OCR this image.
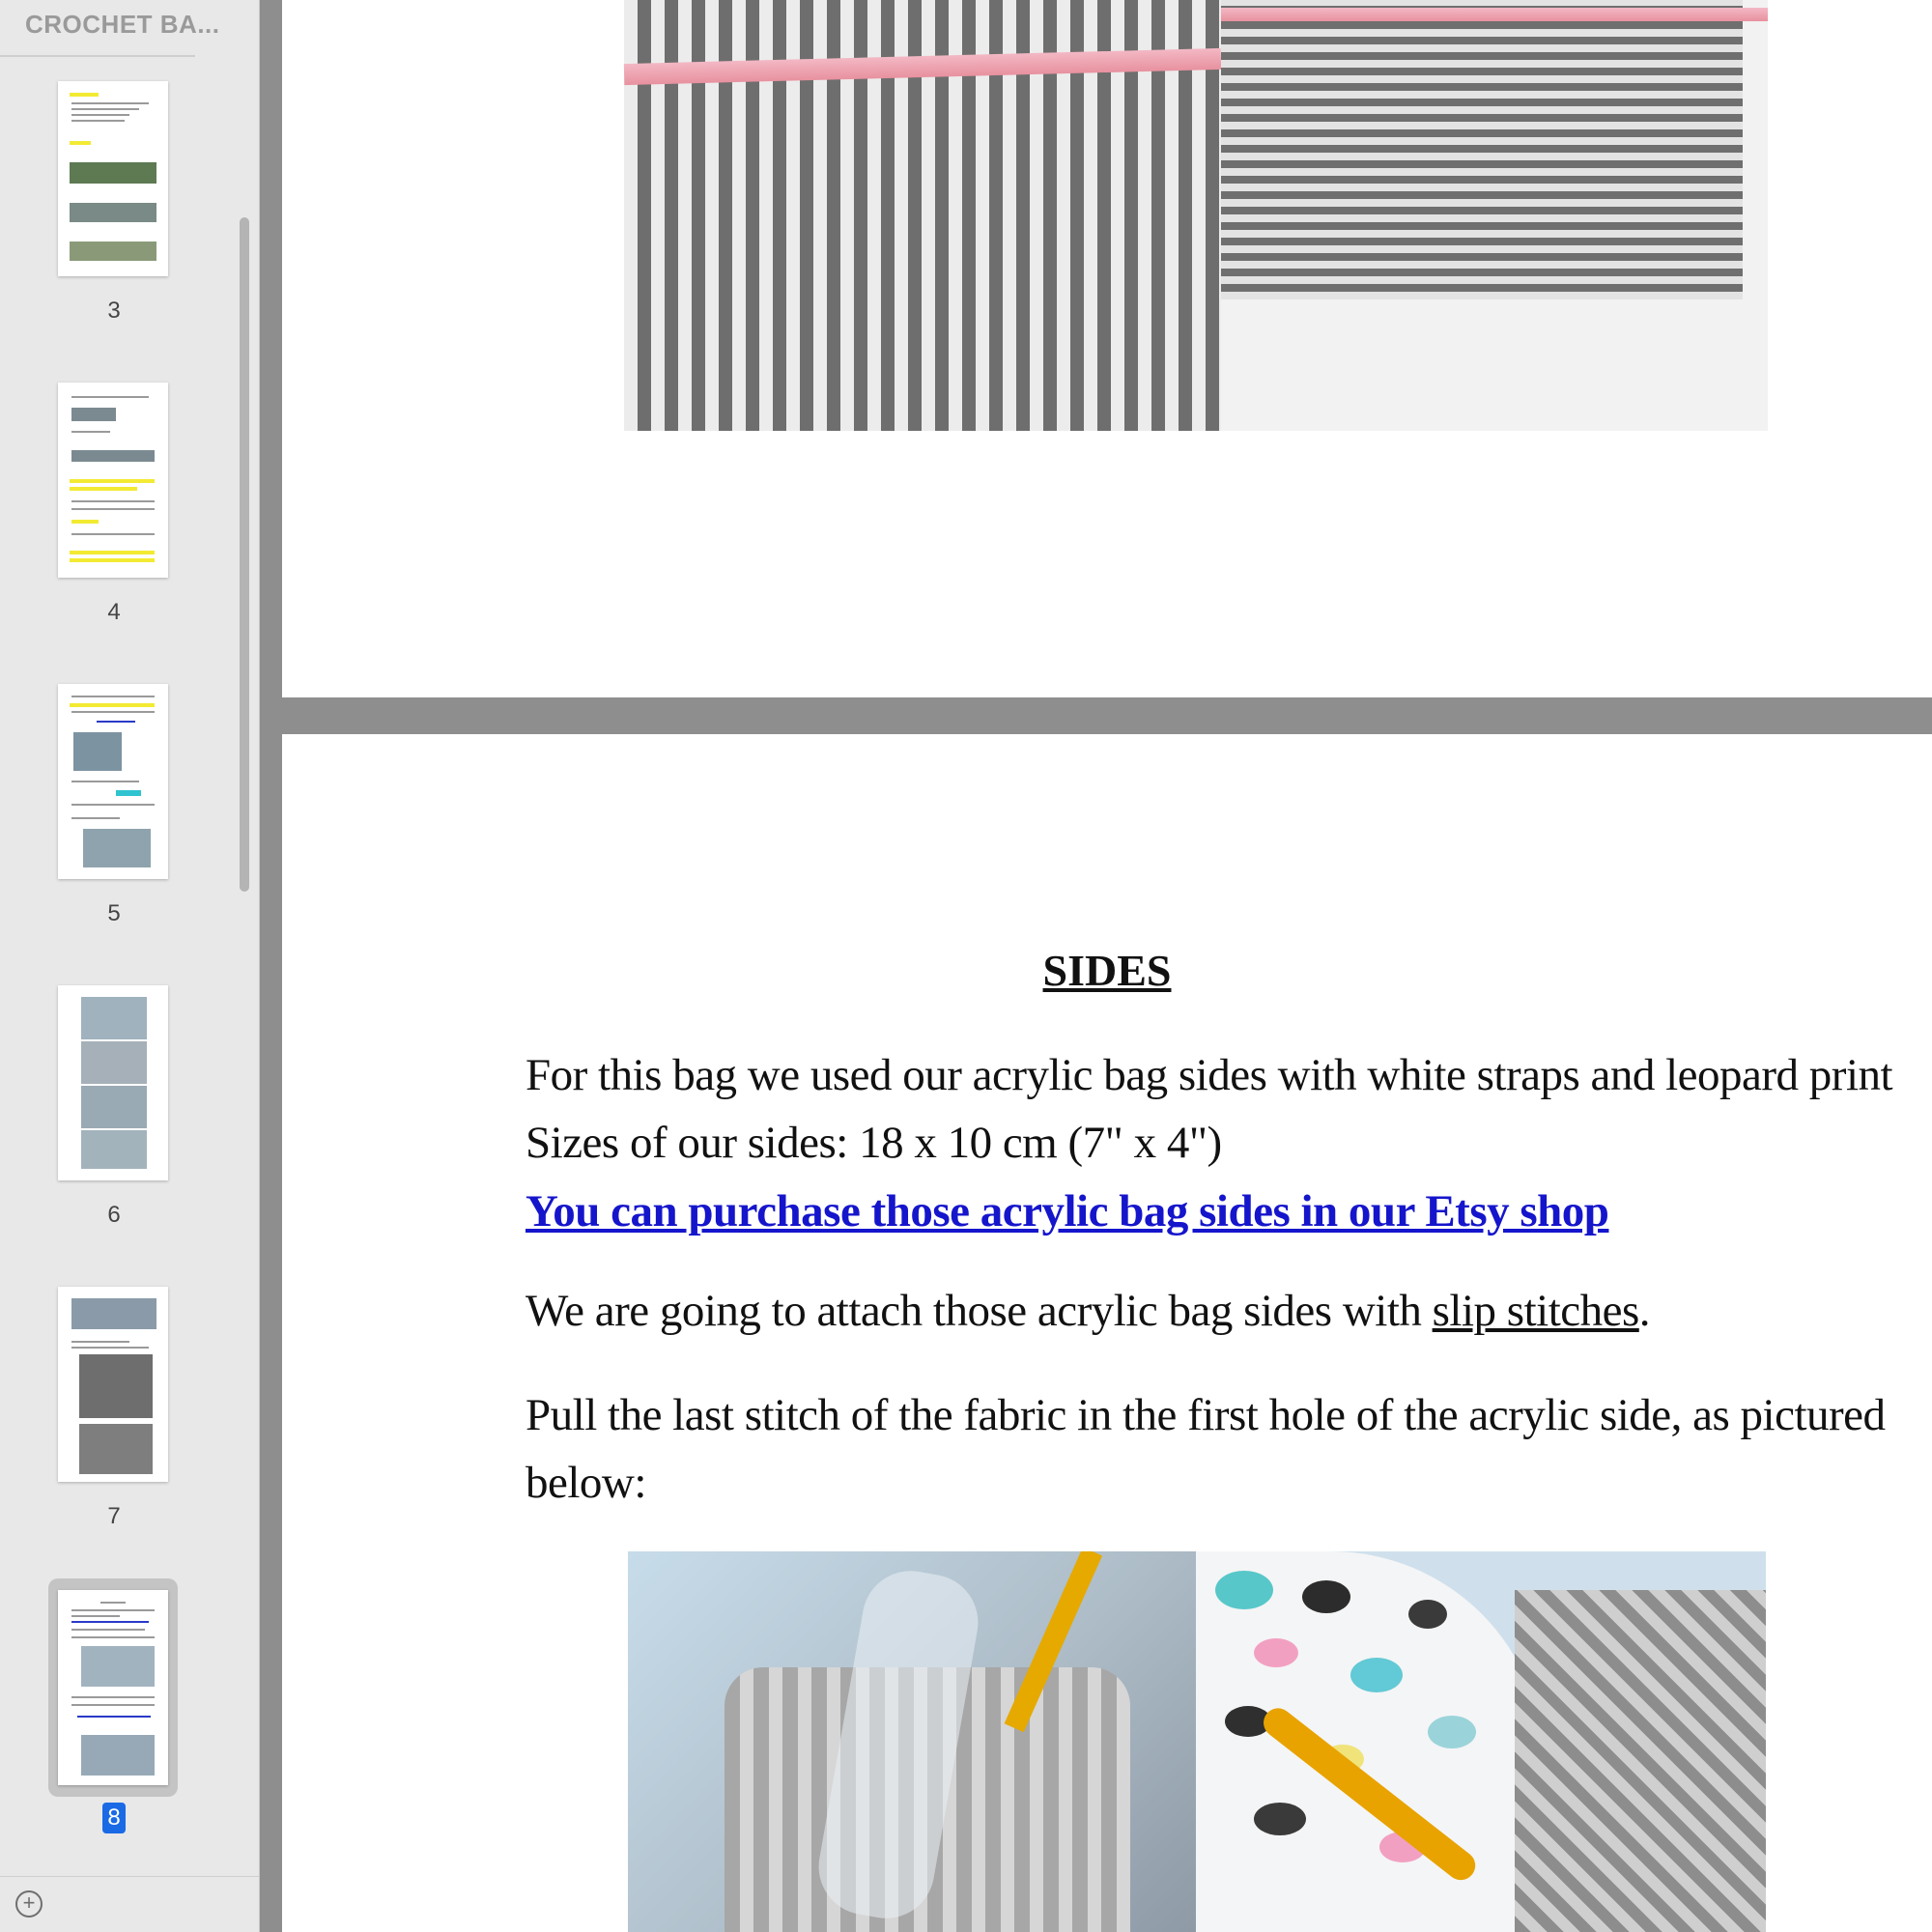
CROCHET BA...
3
4
5
6
7
8
+
SIDES

For this bag we used our acrylic bag sides with white straps and leopard print

Sizes of our sides: 18 x 10 cm (7" x 4")

You can purchase those acrylic bag sides in our Etsy shop

We are going to attach those acrylic bag sides with slip stitches.

Pull the last stitch of the fabric in the first hole of the acrylic side, as pictured

below:
